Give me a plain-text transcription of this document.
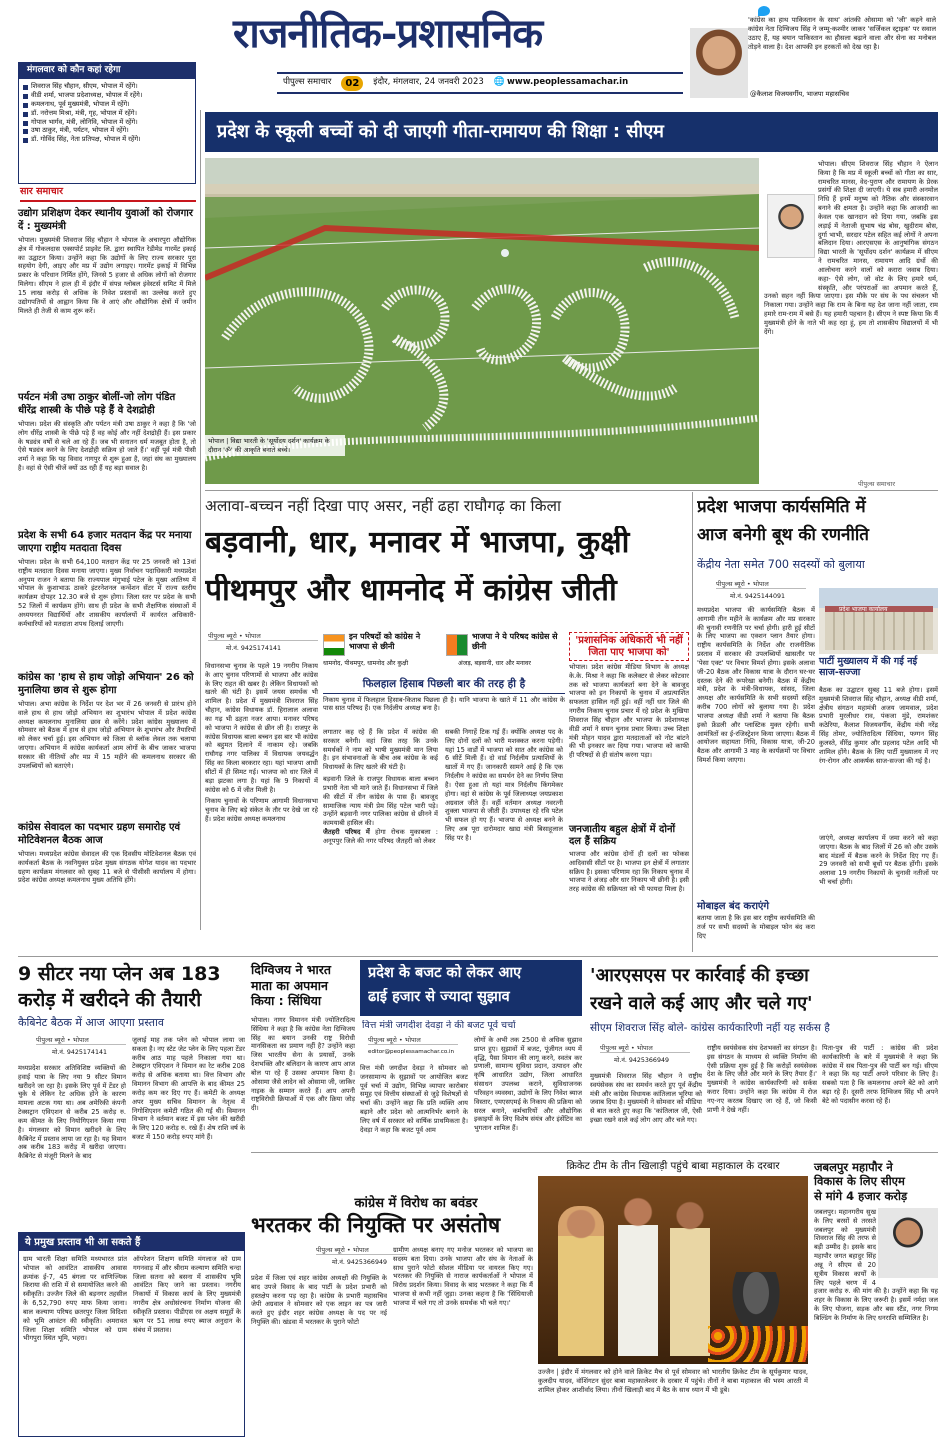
राजनीतिक-प्रशासनिक
पीपुल्स समाचार	02	इंदौर, मंगलवार, 24 जनवरी 2023 🌐 www.peoplessamachar.in
'कांग्रेस का हाथ पाकिस्तान के साथ' आंतकी ओसामा को 'जी' कहने वाले कांग्रेस नेता दिग्विजय सिंह ने जम्मू-कश्मीर जाकर 'सर्जिकल स्ट्राइक' पर सवाल उठाए हैं, यह बयान पाकिस्तान का हौसला बढ़ाने वाला और सेना का मनोबल तोड़ने वाला है। देश आपकी इन हरकतों को देख रहा है।
@कैलाश विजयवर्गीय, भाजपा महासचिव
मंगलवार को कौन कहां रहेगा
शिवराज सिंह चौहान, सीएम, भोपाल में रहेंगे।
वीडी शर्मा, भाजपा प्रदेशाध्यक्ष, भोपाल में रहेंगे।
कमलनाथ, पूर्व मुख्यमंत्री, भोपाल में रहेंगे।
डॉ. नरोत्तम मिश्रा, मंत्री, गृह, भोपाल में रहेंगे।
गोपाल भार्गव, मंत्री, लोनिवि, भोपाल में रहेंगे।
उषा ठाकुर, मंत्री, पर्यटन, भोपाल में रहेंगे।
डॉ. गोविंद सिंह, नेता प्रतिपक्ष, भोपाल में रहेंगे।
सार समाचार
उद्योग प्रशिक्षण देकर स्थानीय युवाओं को रोजगार दें : मुख्यमंत्री
भोपाल। मुख्यमंत्री शिवराज सिंह चौहान ने भोपाल के अचारपुरा औद्योगिक क्षेत्र में गोकलदास एक्सपोर्ट प्राइवेट लि. द्वारा स्थापित रेडीमेड गारमेंट इकाई का उद्घाटन किया। उन्होंने कहा कि उद्योगों के लिए राज्य सरकार पूरा सहयोग देगी, आइए और मप्र में उद्योग लगाइए। गारमेंट इकाई में विभिन्न प्रकार के परिधान निर्मित होंगे, जिनसे 5 हजार से अधिक लोगों को रोजगार मिलेगा। सीएम ने हाल ही में इंदौर में संपन्न ग्लोबल इंवेस्टर्स समिट में मिले 15 लाख करोड़ से अधिक के निवेश प्रस्तावों का उल्लेख करते हुए उद्योगपतियों से आह्वान किया कि वे आएं और औद्योगिक क्षेत्रों में जमीन मिलते ही तेजी से काम शुरू करें।
पर्यटन मंत्री उषा ठाकुर बोलीं-जो लोग पंडित धीरेंद्र शास्त्री के पीछे पड़े हैं वे देशद्रोही
भोपाल। प्रदेश की संस्कृति और पर्यटन मंत्री उषा ठाकुर ने कहा है कि 'जो लोग धीरेंद्र शास्त्री के पीछे पड़े हैं वह कोई और नहीं देशद्रोही हैं। इस प्रकार के षड्यंत्र वर्षों से चले आ रहे हैं। जब भी सनातन धर्म मजबूत होता है, तो ऐसे षड्यंत्र करने के लिए देशद्रोही सक्रिय हो जाते हैं।' वहीं पूर्व मंत्री पीसी शर्मा ने कहा कि यह विवाद नागपुर से शुरू हुआ है, जहां संघ का मुख्यालय है। वहां से ऐसी चीजें क्यों उठ रही हैं यह बड़ा सवाल है।
प्रदेश के सभी 64 हजार मतदान केंद्र पर मनाया जाएगा राष्ट्रीय मतदाता दिवस
भोपाल। प्रदेश के सभी 64,100 मतदान केंद्र पर 25 जनवरी को 13वां राष्ट्रीय मतदाता दिवस मनाया जाएगा। मुख्य निर्वाचन पदाधिकारी मध्यप्रदेश अनुपम राजन ने बताया कि राज्यपाल मंगुभाई पटेल के मुख्य आतिथ्य में भोपाल के कुशाभाऊ ठाकरे इंटरनेशनल कन्वेंशन सेंटर में राज्य स्तरीय कार्यक्रम दोपहर 12.30 बजे से शुरू होगा। जिला स्तर पर प्रदेश के सभी 52 जिलों में कार्यक्रम होंगे। साथ ही प्रदेश के सभी शैक्षणिक संस्थाओं में अध्ययनरत विद्यार्थियों और शासकीय कार्यालयों में कार्यरत अधिकारी-कर्मचारियों को मतदाता शपथ दिलाई जाएगी।
कांग्रेस का 'हाथ से हाथ जोड़ो अभियान' 26 को मुनालिया छाव से शुरू होगा
भोपाल। अभा कांग्रेस के निर्देश पर देश भर में 26 जनवरी से प्रारंभ होने वाले हाथ से हाथ जोड़ो अभियान का शुभारंभ भोपाल में प्रदेश कांग्रेस अध्यक्ष कमलनाथ मुनालिया छाव से करेंगे। प्रदेश कांग्रेस मुख्यालय में सोमवार को बैठक में हाथ से हाथ जोड़ो अभियान के शुभारंभ और तैयारियों को लेकर चर्चा हुई। इस अभियान को जिला से ब्लॉक लेवल तक चलाया जाएगा। अभियान में कांग्रेस कार्यकर्ता आम लोगों के बीच जाकर भाजपा सरकार की नीतियों और मप्र में 15 महीने की कमलनाथ सरकार की उपलब्धियों को बताएंगे।
कांग्रेस सेवादल का पदभार ग्रहण समारोह एवं मोटिवेशनल बैठक आज
भोपाल। मध्यप्रदेश कांग्रेस सेवादल की एक दिवसीय मोटिवेशनल बैठक एवं कार्यकर्ता बैठक के नवनियुक्त प्रदेश मुख्य संगठक योगेश यादव का पदभार ग्रहण कार्यक्रम मंगलवार को सुबह 11 बजे से पीसीसी कार्यालय में होगा। प्रदेश कांग्रेस अध्यक्ष कमलनाथ मुख्य अतिथि होंगे।
प्रदेश के स्कूली बच्चों को दी जाएगी गीता-रामायण की शिक्षा : सीएम
भोपाल | विद्या भारती के 'सूर्योदय दर्शन' कार्यक्रम के दौरान 'ॐ' की आकृति बनाते बच्चे।
पीपुल्स समाचार
भोपाल। सीएम शिवराज सिंह चौहान ने ऐलान किया है कि मप्र में स्कूली बच्चों को गीता का सार, रामचरित मानस, वेद-पुराण और रामायण के प्रेरक प्रसंगों की शिक्षा दी जाएगी। ये सब हमारी अनमोल निधि हैं इनमें मनुष्य को नैतिक और संस्कारवान बनाने की क्षमता है। उन्होंने कहा कि आजादी का केवल एक खानदान को दिया गया, जबकि इस लड़ाई में नेताजी सुभाष चंद्र बोस, खुदीराम बोस, दुर्गा भाभी, सरदार पटेल सहित कई लोगों ने अपना बलिदान दिया। आरएसएस के आनुषांगिक संगठन विद्या भारती के 'सूर्योदय दर्शन' कार्यक्रम में सीएम ने रामचरित मानस, रामायण आदि ग्रंथों की आलोचना करने वालों को करारा जवाब दिया। कहा- ऐसे लोग, जो वोट के लिए हमारे धर्म, संस्कृति, और परंपराओं का अपमान करते हैं, उनको सहन नहीं किया जाएगा। इस मौके पर संघ के पथ संचलन भी निकाला गया। उन्होंने कहा कि राम के बिना यह देश जाना नहीं जाता, राम हमारे राम-राम में बसे हैं। यह हमारी पहचान है। सीएम ने स्पष्ट किया कि मैं मुख्यमंत्री होने के नाते भी कह रहा हूं, हम तो शासकीय विद्यालयों में भी देंगे।
अलावा-बच्चन नहीं दिखा पाए असर, नहीं ढहा राघौगढ़ का किला
बड़वानी, धार, मनावर में भाजपा, कुक्षी
पीथमपुर और धामनोद में कांग्रेस जीती
पीपुल्स ब्यूरो • भोपाल
मो.नं. 9425174141
इन परिषदों को कांग्रेस ने भाजपा से छीनी
धामनोद, पीथमपुर, धामनोद और कुक्षी
भाजपा ने ये परिषद कांग्रेस से छीनी
अंजड़, बड़वानी, धार और मनावर
फिलहाल हिसाब पिछली बार की तरह ही है
निकाय चुनाव में फिलहाल हिसाब-किताब पिछला ही है। यानि भाजपा के खाते में 11 और कांग्रेस के पास सात परिषद हैं। एक निर्दलीय अध्यक्ष बना है।
विधानसभा चुनाव के पहले 19 नगरीय निकाय के आए चुनाव परिणामों से भाजपा और कांग्रेस के लिए राहत की खबर है। लेकिन विधायकों को खतरे की घंटी है। इसमें जयस समर्थक भी शामिल है। प्रदेश में मुख्यमंत्री शिवराज सिंह चौहान, कांग्रेस विधायक डॉ. हिरालाल अलावा का गढ़ भी ढहता नजर आया। मनावर परिषद को भाजपा ने कांग्रेस से छीन ली है। राजपुर के कांग्रेस विधायक बाला बच्चन इस बार भी कांग्रेस को बहुमत दिलाने में नाकाम रहे। जबकि राघौगढ़ नगर पालिका में विधायक जयवर्द्धन सिंह का किला बरकरार रहा। यहां भाजपा आधी सीटों में ही सिमट गई। भाजपा को धार जिले में बड़ा झटका लगा है। यहां कि 9 निकायों में कांग्रेस को 6 में जीत मिली है।
निकाय चुनावों के परिणाम आगामी विधानसभा चुनाव के लिए बड़े संकेत के तौर पर देखे जा रहे हैं। प्रदेश कांग्रेस अध्यक्ष कमलनाथ
लगातार कह रहे हैं कि प्रदेश में कांग्रेस की सरकार बनेगी। वहां जिस तरह कि उनके समर्थकों ने नाम को भाषी मुख्यमंत्री मान लिया है। इन संभावनाओं के बीच अब कांग्रेस के कई विधायकों के लिए खतरे की घंटी है।
बड़वानी जिले के राजपुर विधायक बाला बच्चन प्रभारी नेता भी माने जाते हैं। विधानसभा में जिले की सीटों में तीन कांग्रेस के पास हैं। बावजूद सामाजिक न्याय मंत्री प्रेम सिंह पटेल भारी पड़े। उन्होंने बड़वानी नगर पालिका कांग्रेस से छीनने में कामयाबी हासिल की।
जैतहरी परिषद में होगा रोचक मुकाबला : अनूपपुर जिले की नगर परिषद जैतहरी को लेकर
सबकी निगाहें टिक गई हैं। क्योंकि अध्यक्ष पद के लिए दोनों दलों को भारी मशक्कत करना पड़ेगी। यहां 15 वार्डों में भाजपा को सात और कांग्रेस को 6 सीटें मिली हैं। दो वार्ड निर्दलीय प्रत्याशियों के खातों में गए हैं। जानकारी सामने आई है कि एक निर्दलीय ने कांग्रेस का समर्थन देने का निर्णय लिया है। ऐसा हुआ तो यहां मात्र निर्दलीय किंगमेकर होगा। वहां से कांग्रेस के पूर्व जिलाध्यक्ष जयप्रकाश अग्रवाल जीते हैं। वहीं वर्तमान अध्यक्ष नवरत्नी शुक्ला भाजपा से जीती हैं। उपाध्यक्ष रहे रवि पटेल भी सफल हो गए हैं। भाजपा से अध्यक्ष बनने के लिए अब पूरा दारोमदार खाद्य मंत्री बिसाहूलाल सिंह पर है।
'प्रशासनिक अधिकारी भी नहीं जिता पाए भाजपा को'
भोपाल। प्रदेश कांग्रेस मीडिया विभाग के अध्यक्ष के.के. मिश्रा ने कहा कि कलेक्टर से लेकर कोटवार तक को भाजपा कार्यकर्ता बना देने के बावजूद भाजपा को इन निकायों के चुनाव में अप्रत्याशित सफलता हासिल नहीं हुई। वहीं नहीं धार जिले की नगरीय निकाय चुनाव प्रचार में रहे प्रदेश के मुखिया शिवराज सिंह चौहान और भाजपा के प्रदेशाध्यक्ष वीडी शर्मा ने सघन चुनाव प्रचार किया। उच्च शिक्षा मंत्री मोहन यादव द्वारा मतदाताओं को नोट बांटने की भी इनकार कर दिया गया। भाजपा को काफी ही परिषदों से ही संतोष करना पड़ा।
जनजातीय बहुल क्षेत्रों में दोनों दल हैं सक्रिय
भाजपा और कांग्रेस दोनों ही दलों का फोकस आदिवासी सीटों पर है। भाजपा इन क्षेत्रों में लगातार सक्रिय है। इसका परिणाम रहा कि निकाय चुनाव में भाजपा ने अंजड़ और धार निकाय भी छीनी है। इसी तरह कांग्रेस की सक्रियता को भी फायदा मिला है।
प्रदेश भाजपा कार्यसमिति में
आज बनेगी बूथ की रणनीति
केंद्रीय नेता समेत 700 सदस्यों को बुलाया
पीपुल्स ब्यूरो • भोपाल
मो.नं. 9425144091
मध्यप्रदेश भाजपा की कार्यसमिति बैठक में आगामी तीन महीने के कार्यक्रम और मप्र सरकार की चुनावी रणनीति पर चर्चा होगी। हारी हुई सीटों के लिए भाजपा का एक्शन प्लान तैयार होगा। राष्ट्रीय कार्यसमिति के निर्देश और राजनीतिक प्रस्ताव में सरकार की उपलब्धियों खासतौर पर 'पेसा एक्ट' पर विचार विमर्श होगा। इसके अलावा जी-20 बैठक और विकास यात्रा के दौरान घर-घर दस्तक देने की रूपरेखा बनेगी। बैठक में केंद्रीय मंत्री, प्रदेश के मंत्री-विधायक, सांसद, जिला अध्यक्ष और कार्यसमिति के सभी सदस्यों सहित करीब 700 लोगों को बुलाया गया है। प्रदेश भाजपा अध्यक्ष वीडी शर्मा ने बताया कि बैठक इको फ्रेंडली और प्लास्टिक मुक्त रहेगी। सभी आमंत्रितों का ई-रजिस्ट्रेशन किया जाएगा। बैठक में आयोजन सहायता निधि, विकास यात्रा, जी-20 बैठक और आगामी 3 माह के कार्यक्रमों पर विचार विमर्श किया जाएगा।
प्रदेश भाजपा कार्यालय
पार्टी मुख्यालय में की गई नई साज-सज्जा
बैठक का उद्घाटन सुबह 11 बजे होगा। इसमें मुख्यमंत्री शिवराज सिंह चौहान, अध्यक्ष वीडी शर्मा, क्षेत्रीय संगठन महामंत्री अजय जामवाल, प्रदेश प्रभारी मुरलीधर राव, पंकजा मुंडे, रामशंकर कठेरिया, कैलाश विजयवर्गीय, केंद्रीय मंत्री नरेंद्र सिंह तोमर, ज्योतिरादित्य सिंधिया, फग्गन सिंह कुलस्ते, वीरेंद्र कुमार और प्रहलाद पटेल आदि भी शामिल होंगे। बैठक के लिए पार्टी मुख्यालय में नए रंग-रोगन और आकर्षक साज-सज्जा की गई है।
मोबाइल बंद कराएंगे
बताया जाता है कि इस बार राष्ट्रीय कार्यसमिति की तर्ज पर सभी सदस्यों के मोबाइल फोन बंद करा दिए
जाएंगे, अध्यक्ष कार्यालय में जमा करने को कहा जाएगा। बैठक के बाद जिलों में 26 को और उसके बाद मंडलों में बैठक करने के निर्देश दिए गए हैं। 29 जनवरी को सभी बूथों पर बैठक होंगी। इसके अलावा 19 नगरीय निकायों के चुनावी नतीजों पर भी चर्चा होगी।
9 सीटर नया प्लेन अब 183
करोड़ में खरीदने की तैयारी
कैबिनेट बैठक में आज आएगा प्रस्ताव
पीपुल्स ब्यूरो • भोपाल
मो.नं. 9425174141
मध्यप्रदेश सरकार अतिविशिष्ट व्यक्तियों की हवाई यात्रा के लिए नया 9 सीटर विमान खरीदने जा रहा है। इसके लिए पूर्व में टेंडर हो चुके थे लेकिन रेट अधिक होने के कारण मामला अटक गया था। अब अमेरिकी कंपनी टेक्सट्रान एविएशन से करीब 25 करोड़ रु. कम कीमत के लिए नियोगिएशन किया गया है। मंगलवार को विमान खरीदने के लिए कैबिनेट में प्रस्ताव लाया जा रहा है। यह विमान अब करीब 183 करोड़ में खरीदा जाएगा। कैबिनेट से मंजूरी मिलने के बाद
जुलाई माह तक प्लेन को भोपाल लाया जा सकता है। नए स्टेट जेट प्लेन के लिए पहला टेंडर करीब आठ माह पहले निकाला गया था। टेक्स्ट्रान एविएशन ने विमान का रेट करीब 208 करोड़ से अधिक बताया था। वित्त विभाग और विमानन विभाग की आपत्ति के बाद कीमत 25 करोड़ कम कर दिए गए हैं। कमेटी के अध्यक्ष अपर मुख्य सचिव विमानन के नेतृत्व में निगोशिएशन कमेटी गठित की गई थी। विमानन विभाग ने वर्तमान बजट में इस प्लेन की खरीदी के लिए 120 करोड़ रु. रखे हैं। शेष राशि वर्ष के बजट में 150 करोड़ रुपए मांगे हैं।
ये प्रमुख प्रस्ताव भी आ सकते हैं
ग्राम भारती शिक्षा समिति मध्यभारत प्रांत भोपाल को आवंटित शासकीय आवास क्रमांक ई-7, 45 बंगला पर वाणिज्यिक किराया की राशि में से समायोजित करने की स्वीकृति। उज्जैन जिले की बड़नगर तहसील के 6,52,790 रुपए माफ किया जाना। बाल कल्याण परिषद छतरपुर जिला विदिशा को भूमि आवंटन की स्वीकृति। अमरावत जिला शिक्षा समिति भोपाल को ग्राम भीगपुरा स्थित भूमि, भहरा।
ऑपरेशन शिक्षण समिति मंगलाज को ग्राम गगनवाड़ में और श्रीराम कल्याण समिति चन्दा जिला सतना को बसना में शासकीय भूमि आवंटित किए जाने का प्रस्ताव। नगरीय निकायों में विकास कार्य के लिए मुख्यमंत्री नगरीय क्षेत्र अधोसंरचना निर्माण योजना की स्वीकृति प्रस्ताव। पीडीएस रव अक्षय समूहों के ऋण पर 51 लाख रुपए ब्याज अनुदान के संबंध में प्रस्ताव।
दिग्विजय ने भारत
माता का अपमान
किया : सिंधिया
भोपाल। नागर विमानन मंत्री ज्योतिरादित्य सिंधिया ने कहा है कि कांग्रेस नेता दिग्विजय सिंह का बयान उनकी राष्ट्र विरोधी मानसिकता का प्रमाण नहीं है? उन्होंने कहा जिस भारतीय सेना के प्रयासों, उनके देशभक्ति और बलिदान के कारण आप आज बोल पा रहे हैं उसका अपमान किया है। ओसामा जैसे लादेन को ओसामा जी, जाकिर नाइक के सम्मान करते हैं। आप अपनी राष्ट्रविरोधी क्रियाओं में एक और क्रिया जोड़ दी।
प्रदेश के बजट को लेकर आए
ढाई हजार से ज्यादा सुझाव
वित्त मंत्री जगदीश देवड़ा ने की बजट पूर्व चर्चा
पीपुल्स ब्यूरो • भोपाल
editor@peoplessamachar.co.in
वित्त मंत्री जगदीश देवड़ा ने सोमवार को जनसामान्य के सुझावों पर आयोजित बजट पूर्व चर्चा में उद्योग, विभिन्न व्यापार कारोबार समूह एवं वित्तीय संस्थाओं से जुड़े विशेषज्ञों से चर्चा की। उन्होंने कहा कि प्रति व्यक्ति आय बढ़ाने और प्रदेश को आत्मनिर्भर बनाने के लिए वर्ष में सरकार को वार्षिक प्राथमिकता है। देवड़ा ने कहा कि बजट पूर्व आम
लोगों के अभी तक 2500 से अधिक सुझाव प्राप्त हुए। सुझावों में बजट, पूंजीगत व्यय में वृद्धि, पैसा विमान की लागू करने, स्वतंत्र कर प्रणाली, सामान्य सुविधा प्रदान, उत्पादन और कृषि आधारित उद्योग, जिला आधारित संसाधन उपलब्ध कराने, सुविधाजनक परिवहन व्यवस्था, उद्योगों के लिए निवेश ब्याज विस्तार, एमएसएमई के निकाय की प्रक्रिया को सरल बनाने, कर्मचारियों और औद्योगिक इकाइयों के लिए विशेष संयंत्र और इंसेंटिव का भुगतान शामिल हैं।
'आरएसएस पर कार्रवाई की इच्छा
रखने वाले कई आए और चले गए'
सीएम शिवराज सिंह बोले- कांग्रेस कार्यकारिणी नहीं यह सर्कस है
पीपुल्स ब्यूरो • भोपाल
मो.नं. 9425366949
मुख्यमंत्री शिवराज सिंह चौहान ने राष्ट्रीय स्वयंसेवक संघ का समर्थन करते हुए पूर्व केंद्रीय मंत्री और कांग्रेस विधायक कांतिलाल भूरिया को जवाब दिया है। मुख्यमंत्री ने सोमवार को मीडिया से बात करते हुए कहा कि 'कांतिलाल जी, ऐसी इच्छा रखने वाले कई लोग आए और चले गए।
राष्ट्रीय स्वयंसेवक संघ देशभक्तों का संगठन है। इस संगठन के माध्यम से व्यक्ति निर्माण की ऐसी प्रक्रिया शुरू हुई है कि करोड़ों स्वयंसेवक देश के लिए जीते और मरने के लिए तैयार हैं।' मुख्यमंत्री ने कांग्रेस कार्यकारिणी को सर्कस करार दिया। उन्होंने कहा कि कांग्रेस में रोज नए-नए करतब दिखाए जा रहे हैं, जो किसी प्राणी ने देखे नहीं।
पिता-पुत्र की पार्टी : कांग्रेस की प्रदेश कार्यकारिणी के बारे में मुख्यमंत्री ने कहा कि कांग्रेस में सब पिता-पुत्र की पार्टी बन गई। सीएम ने कहा कि यह पार्टी अपने परिवार के लिए है। सबको पता है कि कमलनाथ अपने बेटे को आगे बढ़ा रहे हैं। दूसरी तरफ दिग्विजय सिंह भी अपने बेटे को पदासीन करवा रहे हैं।
कांग्रेस में विरोध का बवंडर
भरतकर की नियुक्ति पर असंतोष
पीपुल्स ब्यूरो • भोपाल
मो.नं. 9425366949
प्रदेश में जिला एवं शहर कांग्रेस अध्यक्षों की नियुक्ति के बाद उपजे विवाद के बाद पार्टी के प्रदेश प्रभारी को हस्तक्षेप करना पड़ रहा है। कांग्रेस के प्रभारी महासचिव जेपी अग्रवाल ने सोमवार को एक लाइन का पत्र जारी करते हुए इंदौर शहर कांग्रेस अध्यक्ष के पद पर नई नियुक्ति की। खंडवा में भरतकर के पुराने फोटो
ग्रामीण अध्यक्ष बनाए गए मनोज भरतकर को भाजपा का सदस्य बता दिया। उनके भाजपा और संघ के नेताओं के साथ पुराने फोटो सोशल मीडिया पर वायरल किए गए। भरतकर की नियुक्ति से नाराज कार्यकर्ताओं ने भोपाल में विरोध प्रदर्शन किया। विवाद के बाद भरतकर ने कहा कि मैं भाजपा से कभी नहीं जुड़ा। उनका कहना है कि 'सिंधियाजी भाजपा में चले गए तो उनके समर्थक भी चले गए।'
क्रिकेट टीम के तीन खिलाड़ी पहुंचे बाबा महाकाल के दरबार
उज्जैन | इंदौर में मंगलवार को होने वाले क्रिकेट मैच से पूर्व सोमवार को भारतीय क्रिकेट टीम के सूर्यकुमार यादव, कुलदीप यादव, वॉशिंगटन सुंदर बाबा महाकालेश्वर के दरबार में पहुंचे। तीनों ने बाबा महाकाल की भस्म आरती में शामिल होकर आशीर्वाद लिया। तीनों खिलाड़ी बाद में बैठ के साथ ध्यान में भी डूबे।
जबलपुर महापौर ने
विकास के लिए सीएम
से मांगे 4 हजार करोड़
जबलपुर। महानगरीय सुख के लिए बरसों से तरसते जबलपुर को मुख्यमंत्री शिवराज सिंह की तरफ से बड़ी उम्मीद है। इसके बाद महापौर जगत बहादुर सिंह अन्नू ने सीएम से 20 सूत्रीय विकास कार्यों के लिए पहले चरण में 4 हजार करोड़ रु. की मांग की है। उन्होंने कहा कि यह शहर के विकास के लिए जरूरी है। इसमें नर्मदा जल के लिए योजना, सड़क और बस स्टैंड, नगर निगम बिल्डिंग के निर्माण के लिए धनराशि सम्मिलित है।
